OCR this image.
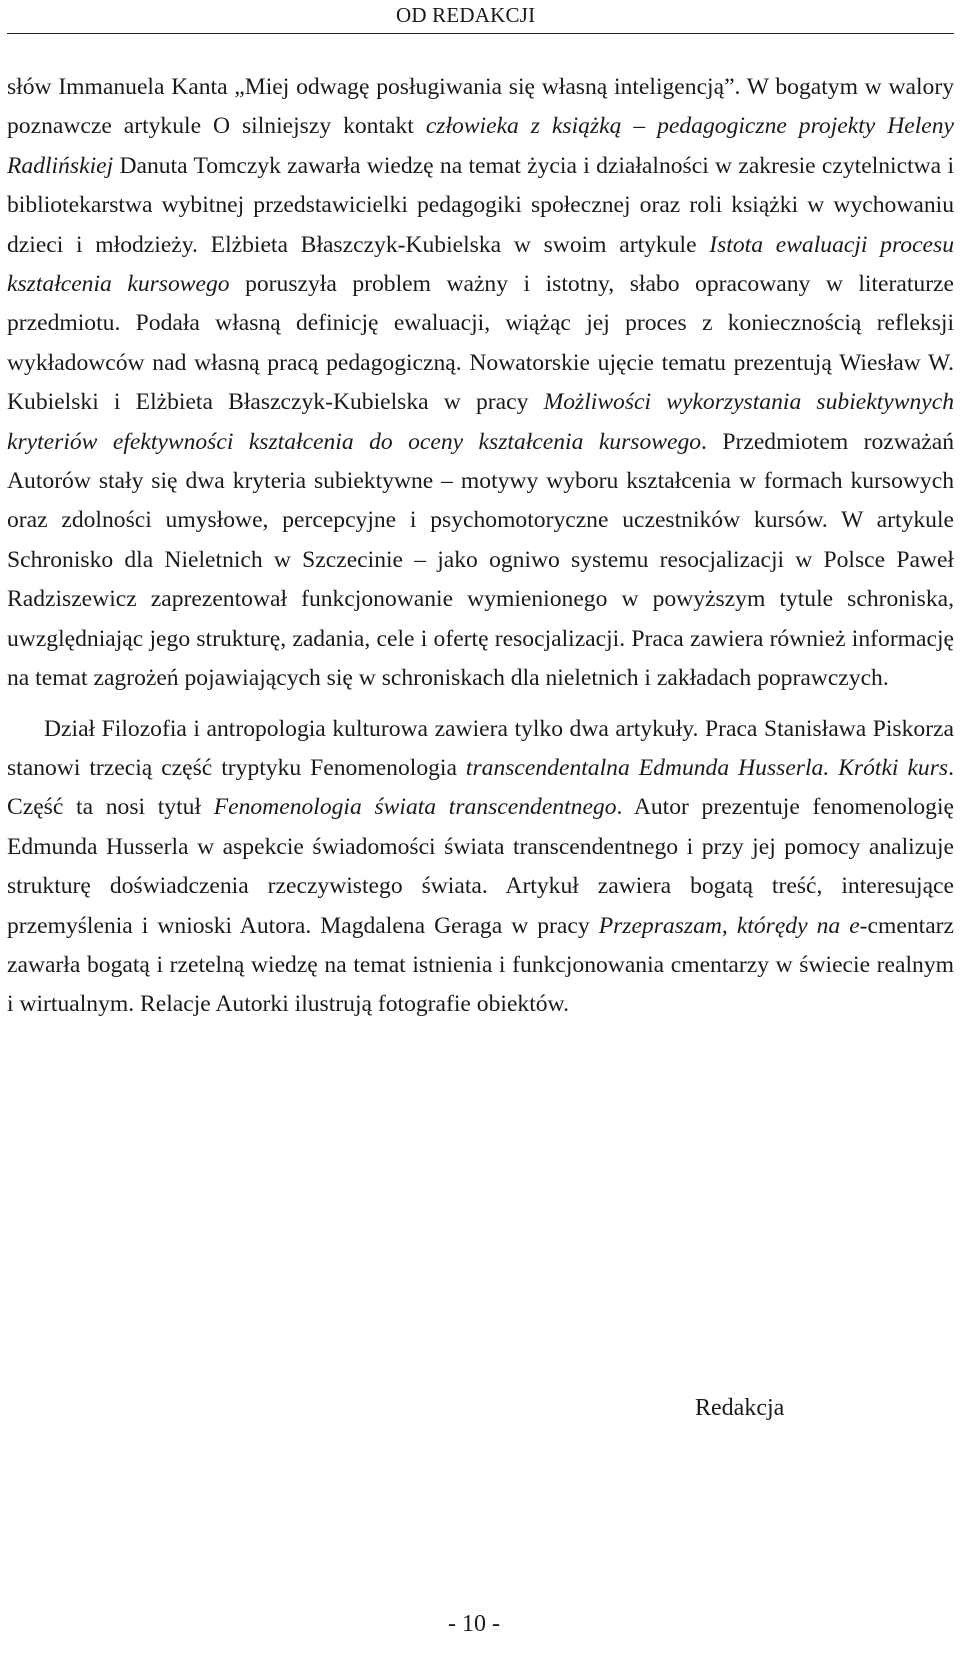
OD REDAKCJI

słów Immanuela Kanta „Miej odwagę posługiwania się własną inteligencją”. W bogatym w walory poznawcze artykule O silniejszy kontakt człowieka z książką – pedagogiczne projekty Heleny Radlińskiej Danuta Tomczyk zawarła wiedzę na temat życia i działalności w zakresie czytelnictwa i bibliotekarstwa wybitnej przedstawicielki pedagogiki społecznej oraz roli książki w wychowaniu dzieci i młodzieży. Elżbieta Błaszczyk-Kubielska w swoim artykule Istota ewaluacji procesu kształcenia kursowego poruszyła problem ważny i istotny, słabo opracowany w literaturze przedmiotu. Podała własną definicję ewaluacji, wiążąc jej proces z koniecznością refleksji wykładowców nad własną pracą pedagogiczną. Nowatorskie ujęcie tematu prezentują Wiesław W. Kubielski i Elżbieta Błaszczyk-Kubielska w pracy Możliwości wykorzystania subiektywnych kryteriów efektywności kształcenia do oceny kształcenia kursowego. Przedmiotem rozważań Autorów stały się dwa kryteria subiektywne – motywy wyboru kształcenia w formach kursowych oraz zdolności umysłowe, percepcyjne i psychomotoryczne uczestników kursów. W artykule Schronisko dla Nieletnich w Szczecinie – jako ogniwo systemu resocjalizacji w Polsce Paweł Radziszewicz zaprezentował funkcjonowanie wymienionego w powyższym tytule schroniska, uwzględniając jego strukturę, zadania, cele i ofertę resocjalizacji. Praca zawiera również informację na temat zagrożeń pojawiających się w schroniskach dla nieletnich i zakładach poprawczych.

Dział Filozofia i antropologia kulturowa zawiera tylko dwa artykuły. Praca Stanisława Piskorza stanowi trzecią część tryptyku Fenomenologia transcendentalna Edmunda Husserla. Krótki kurs. Część ta nosi tytuł Fenomenologia świata transcendentnego. Autor prezentuje fenomenologię Edmunda Husserla w aspekcie świadomości świata transcendentnego i przy jej pomocy analizuje strukturę doświadczenia rzeczywistego świata. Artykuł zawiera bogatą treść, interesujące przemyślenia i wnioski Autora. Magdalena Geraga w pracy Przepraszam, którędy na e-cmentarz zawarła bogatą i rzetelną wiedzę na temat istnienia i funkcjonowania cmentarzy w świecie realnym i wirtualnym. Relacje Autorki ilustrują fotografie obiektów.

Redakcja
- 10 -
